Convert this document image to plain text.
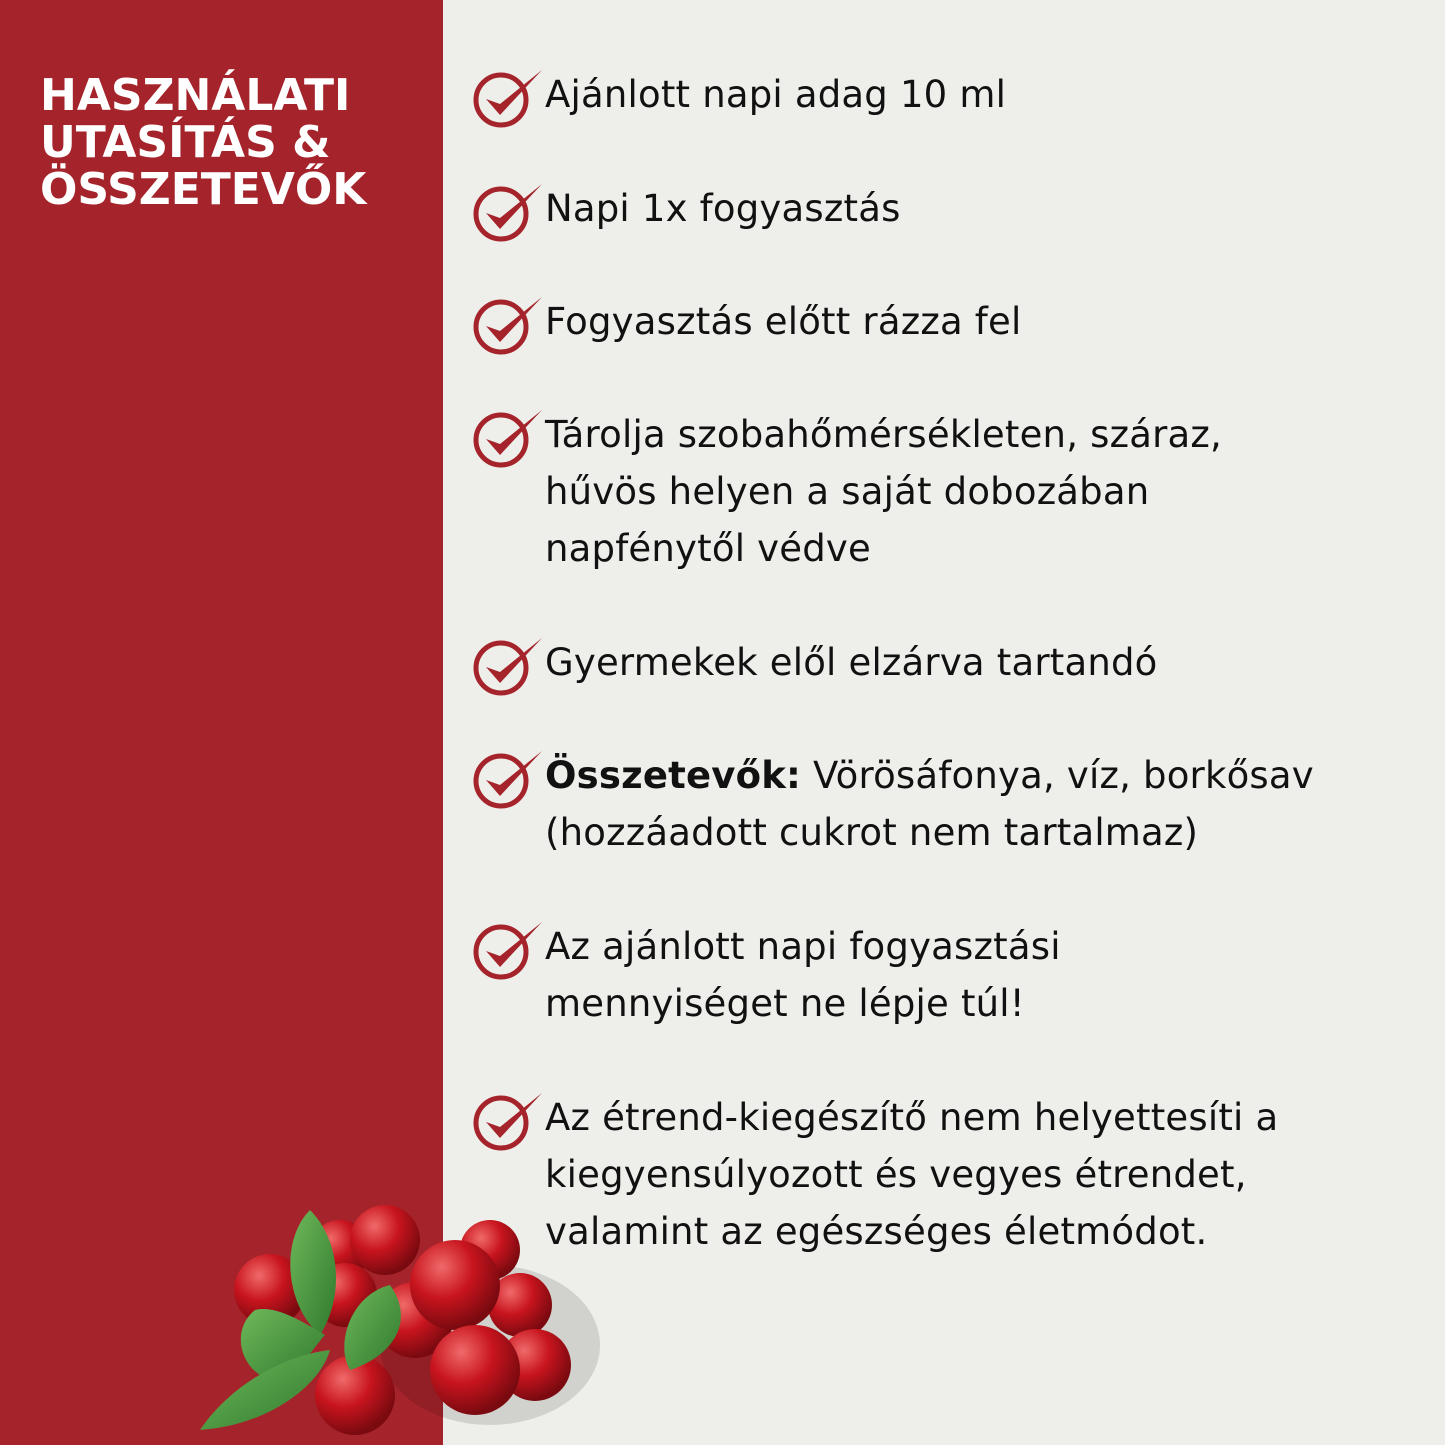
HASZNÁLATI
UTASÍTÁS &
ÖSSZETEVŐK
Ajánlott napi adag 10 ml
Napi 1x fogyasztás
Fogyasztás előtt rázza fel
Tárolja szobahőmérsékleten, száraz,
hűvös helyen a saját dobozában
napfénytől védve
Gyermekek elől elzárva tartandó
Összetevők: Vörösáfonya, víz, borkősav
(hozzáadott cukrot nem tartalmaz)
Az ajánlott napi fogyasztási
mennyiséget ne lépje túl!
Az étrend-kiegészítő nem helyettesíti a
kiegyensúlyozott és vegyes étrendet,
valamint az egészséges életmódot.
